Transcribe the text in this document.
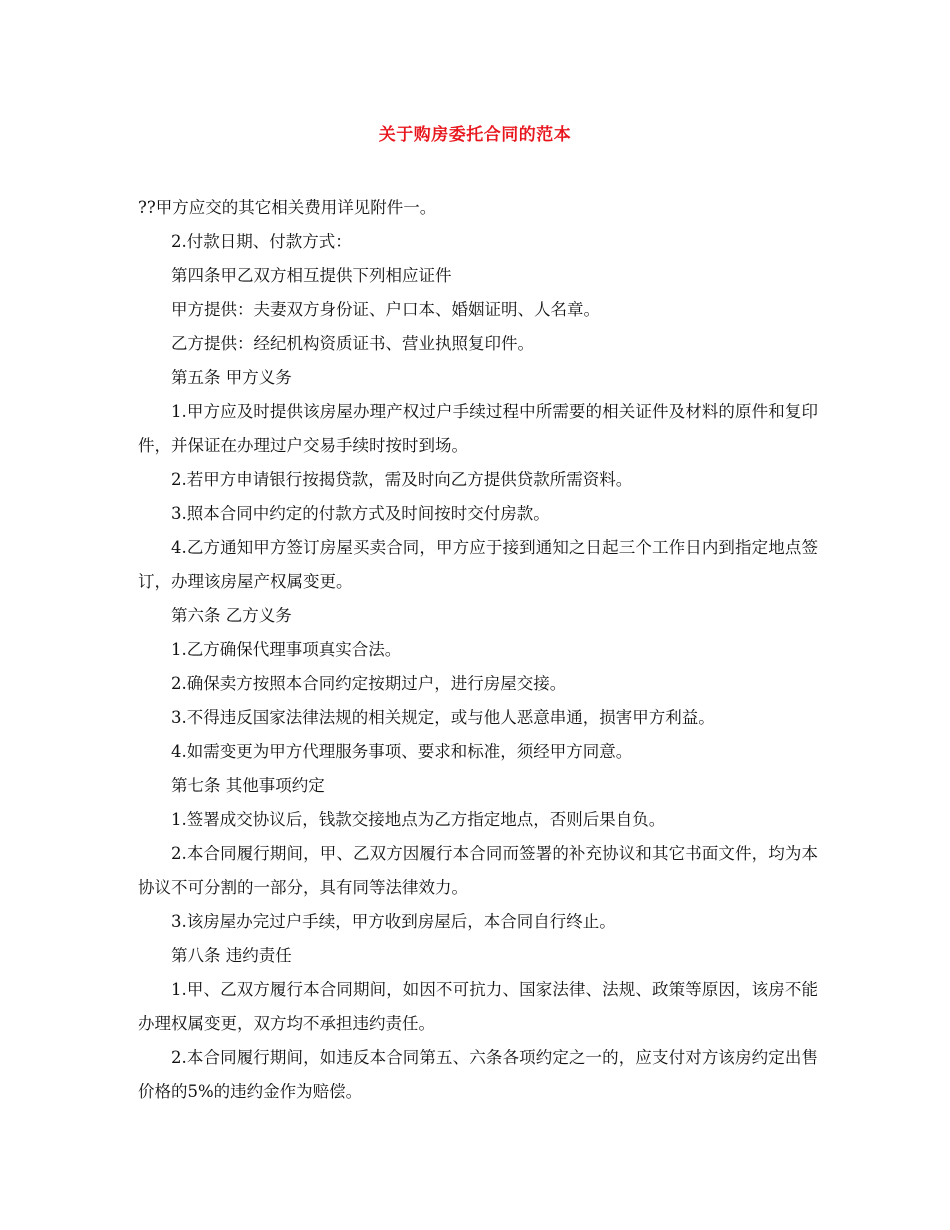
关于购房委托合同的范本

??甲方应交的其它相关费用详见附件一。

2.付款日期、付款方式：

第四条甲乙双方相互提供下列相应证件

甲方提供：夫妻双方身份证、户口本、婚姻证明、人名章。

乙方提供：经纪机构资质证书、营业执照复印件。

第五条 甲方义务

1.甲方应及时提供该房屋办理产权过户手续过程中所需要的相关证件及材料的原件和复印件，并保证在办理过户交易手续时按时到场。

2.若甲方申请银行按揭贷款，需及时向乙方提供贷款所需资料。

3.照本合同中约定的付款方式及时间按时交付房款。

4.乙方通知甲方签订房屋买卖合同，甲方应于接到通知之日起三个工作日内到指定地点签订，办理该房屋产权属变更。

第六条 乙方义务

1.乙方确保代理事项真实合法。

2.确保卖方按照本合同约定按期过户，进行房屋交接。

3.不得违反国家法律法规的相关规定，或与他人恶意串通，损害甲方利益。

4.如需变更为甲方代理服务事项、要求和标准，须经甲方同意。

第七条 其他事项约定

1.签署成交协议后，钱款交接地点为乙方指定地点，否则后果自负。

2.本合同履行期间，甲、乙双方因履行本合同而签署的补充协议和其它书面文件，均为本协议不可分割的一部分，具有同等法律效力。

3.该房屋办完过户手续，甲方收到房屋后，本合同自行终止。

第八条 违约责任

1.甲、乙双方履行本合同期间，如因不可抗力、国家法律、法规、政策等原因，该房不能办理权属变更，双方均不承担违约责任。

2.本合同履行期间，如违反本合同第五、六条各项约定之一的，应支付对方该房约定出售价格的5%的违约金作为赔偿。
